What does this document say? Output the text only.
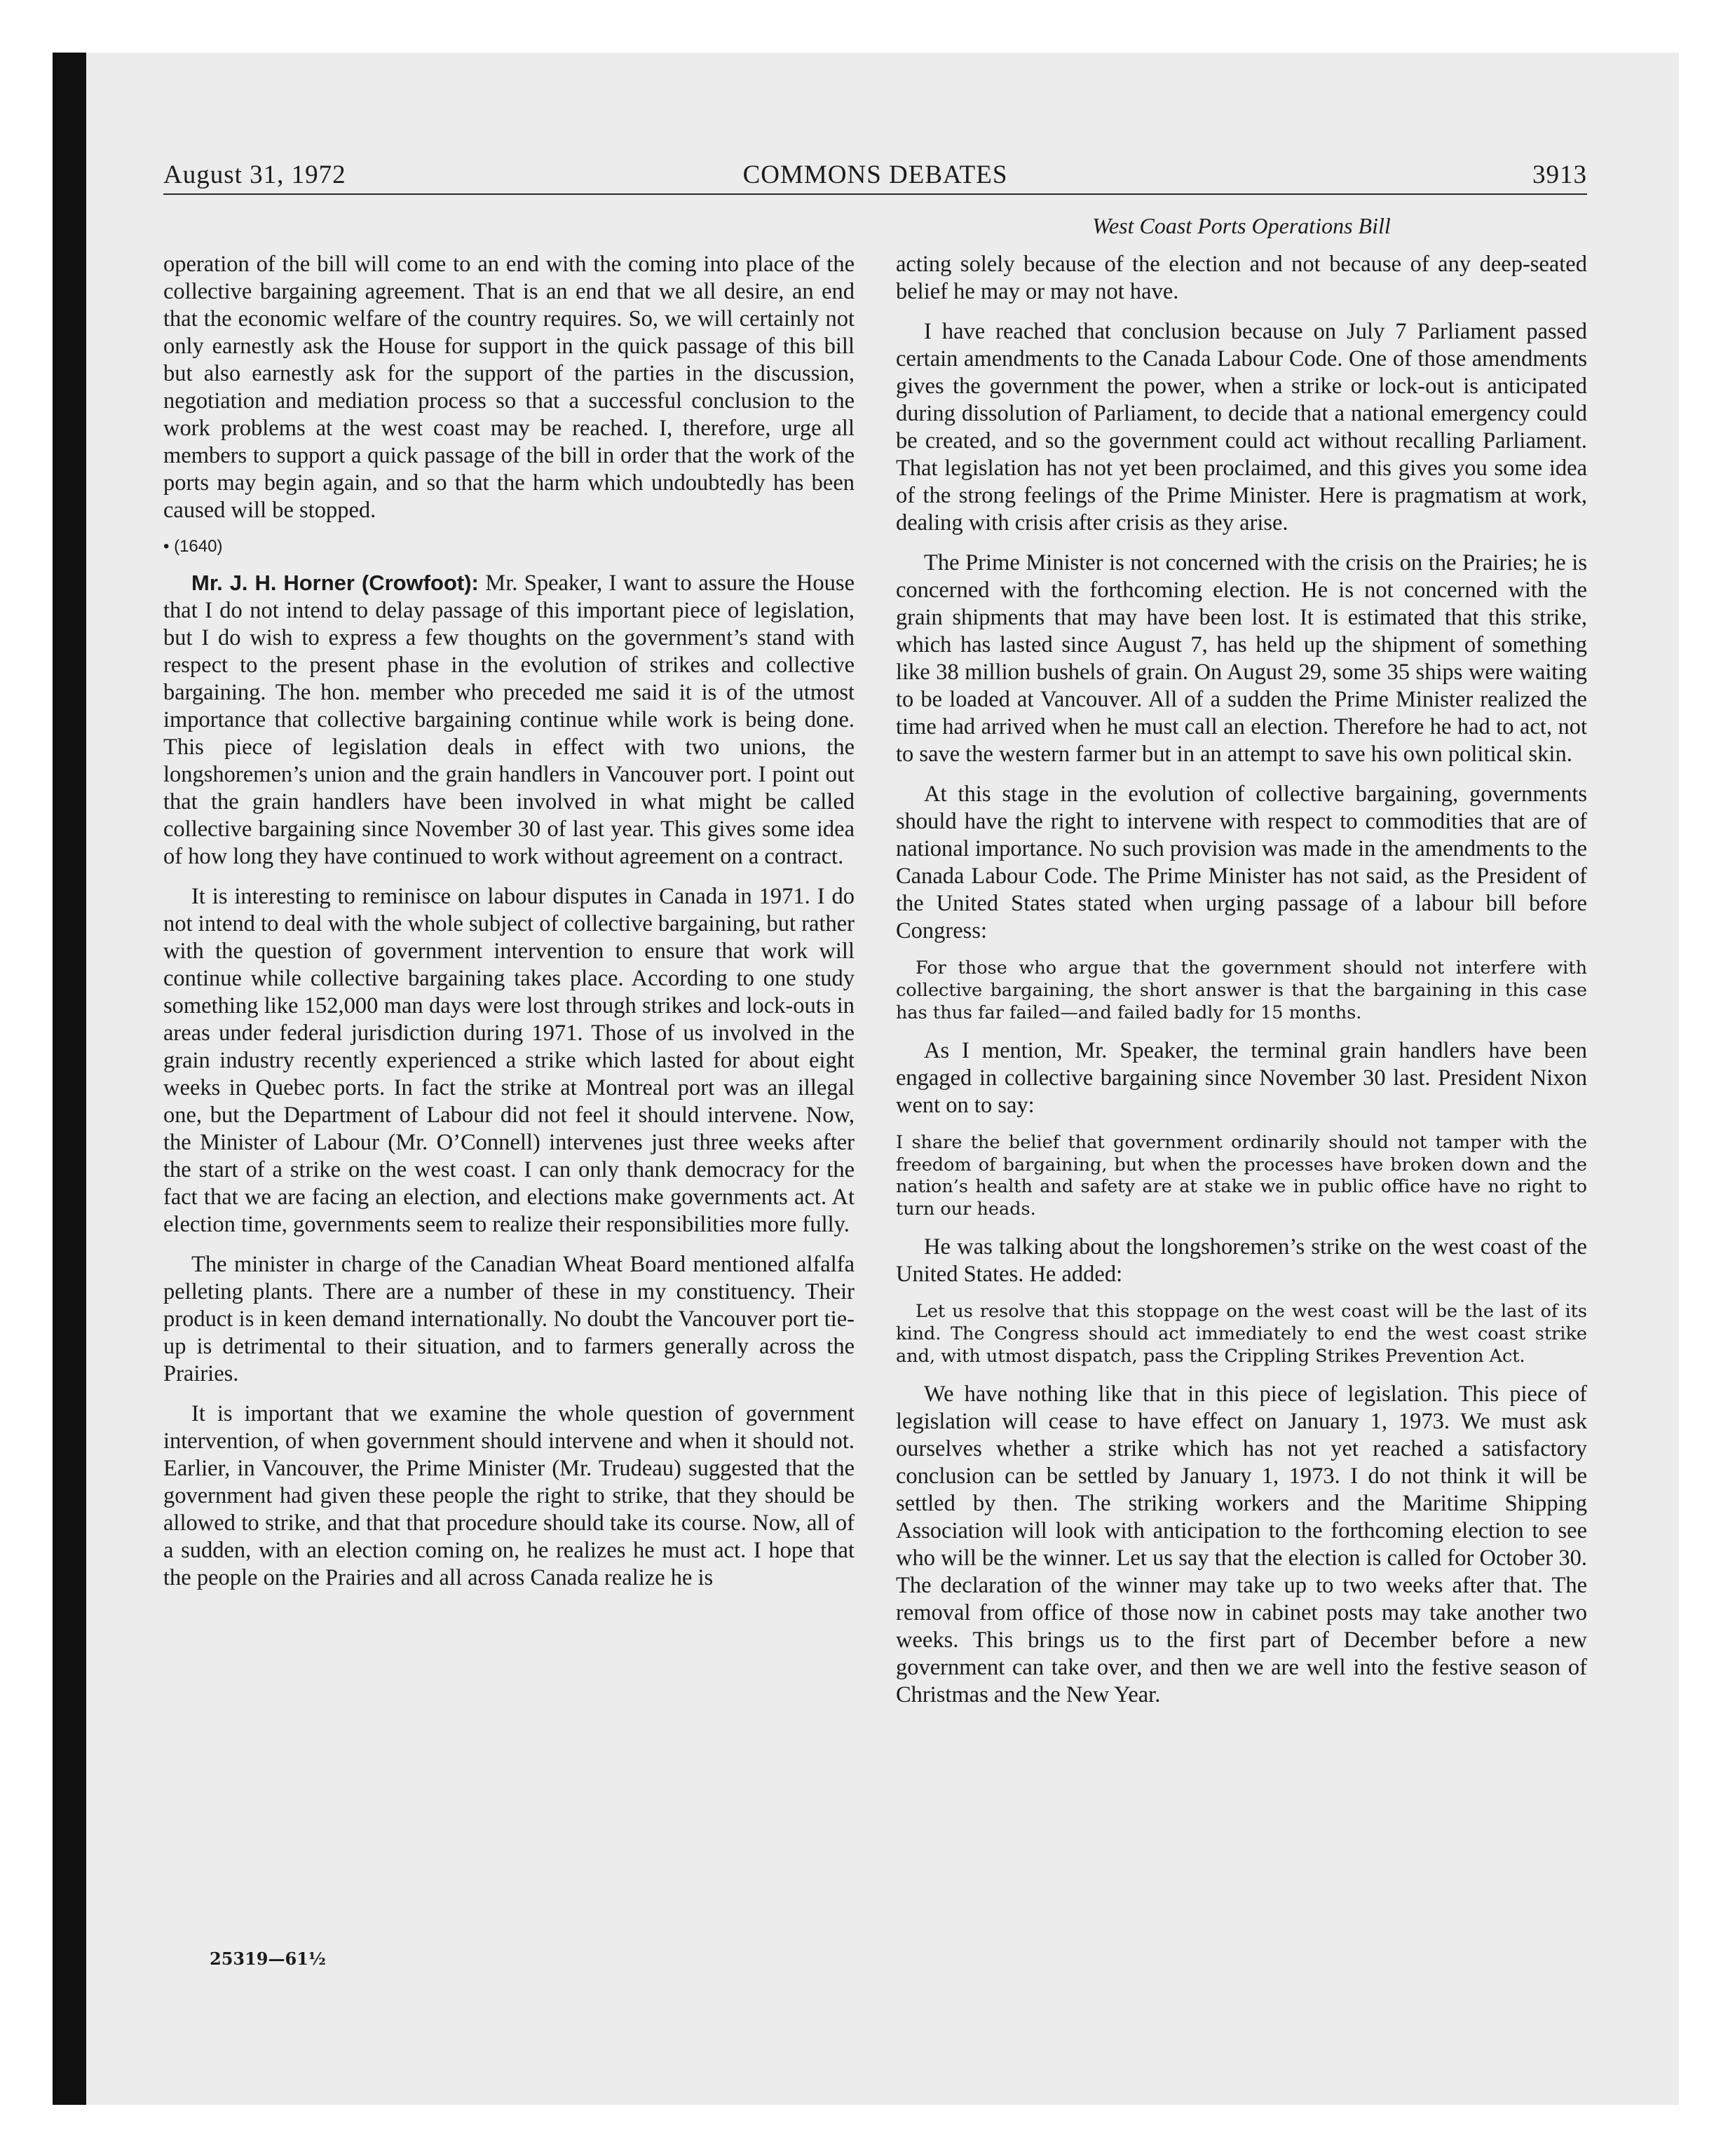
COMMONS DEBATES
August 31, 1972	3913
West Coast Ports Operations Bill

operation of the bill will come to an end with the coming into place of the collective bargaining agreement. That is an end that we all desire, an end that the economic welfare of the country requires. So, we will certainly not only earnestly ask the House for support in the quick passage of this bill but also earnestly ask for the support of the parties in the discussion, negotiation and mediation process so that a successful conclusion to the work problems at the west coast may be reached. I, therefore, urge all members to support a quick passage of the bill in order that the work of the ports may begin again, and so that the harm which undoubtedly has been caused will be stopped.

• (1640)

Mr. J. H. Horner (Crowfoot): Mr. Speaker, I want to assure the House that I do not intend to delay passage of this important piece of legislation, but I do wish to express a few thoughts on the government’s stand with respect to the present phase in the evolution of strikes and collective bargaining. The hon. member who preceded me said it is of the utmost importance that collective bargaining continue while work is being done. This piece of legislation deals in effect with two unions, the longshoremen’s union and the grain handlers in Vancouver port. I point out that the grain handlers have been involved in what might be called collective bargaining since November 30 of last year. This gives some idea of how long they have continued to work without agreement on a contract.

It is interesting to reminisce on labour disputes in Canada in 1971. I do not intend to deal with the whole subject of collective bargaining, but rather with the question of government intervention to ensure that work will continue while collective bargaining takes place. According to one study something like 152,000 man days were lost through strikes and lock-outs in areas under federal jurisdiction during 1971. Those of us involved in the grain industry recently experienced a strike which lasted for about eight weeks in Quebec ports. In fact the strike at Montreal port was an illegal one, but the Department of Labour did not feel it should intervene. Now, the Minister of Labour (Mr. O’Connell) intervenes just three weeks after the start of a strike on the west coast. I can only thank democracy for the fact that we are facing an election, and elections make governments act. At election time, governments seem to realize their responsibilities more fully.

The minister in charge of the Canadian Wheat Board mentioned alfalfa pelleting plants. There are a number of these in my constituency. Their product is in keen demand internationally. No doubt the Vancouver port tie-up is detrimental to their situation, and to farmers generally across the Prairies.

It is important that we examine the whole question of government intervention, of when government should intervene and when it should not. Earlier, in Vancouver, the Prime Minister (Mr. Trudeau) suggested that the government had given these people the right to strike, that they should be allowed to strike, and that that procedure should take its course. Now, all of a sudden, with an election coming on, he realizes he must act. I hope that the people on the Prairies and all across Canada realize he is

acting solely because of the election and not because of any deep-seated belief he may or may not have.

I have reached that conclusion because on July 7 Parliament passed certain amendments to the Canada Labour Code. One of those amendments gives the government the power, when a strike or lock-out is anticipated during dissolution of Parliament, to decide that a national emergency could be created, and so the government could act without recalling Parliament. That legislation has not yet been proclaimed, and this gives you some idea of the strong feelings of the Prime Minister. Here is pragmatism at work, dealing with crisis after crisis as they arise.

The Prime Minister is not concerned with the crisis on the Prairies; he is concerned with the forthcoming election. He is not concerned with the grain shipments that may have been lost. It is estimated that this strike, which has lasted since August 7, has held up the shipment of something like 38 million bushels of grain. On August 29, some 35 ships were waiting to be loaded at Vancouver. All of a sudden the Prime Minister realized the time had arrived when he must call an election. Therefore he had to act, not to save the western farmer but in an attempt to save his own political skin.

At this stage in the evolution of collective bargaining, governments should have the right to intervene with respect to commodities that are of national importance. No such provision was made in the amendments to the Canada Labour Code. The Prime Minister has not said, as the President of the United States stated when urging passage of a labour bill before Congress:

For those who argue that the government should not interfere with collective bargaining, the short answer is that the bargaining in this case has thus far failed—and failed badly for 15 months.

As I mention, Mr. Speaker, the terminal grain handlers have been engaged in collective bargaining since November 30 last. President Nixon went on to say:

I share the belief that government ordinarily should not tamper with the freedom of bargaining, but when the processes have broken down and the nation’s health and safety are at stake we in public office have no right to turn our heads.

He was talking about the longshoremen’s strike on the west coast of the United States. He added:

Let us resolve that this stoppage on the west coast will be the last of its kind. The Congress should act immediately to end the west coast strike and, with utmost dispatch, pass the Crippling Strikes Prevention Act.

We have nothing like that in this piece of legislation. This piece of legislation will cease to have effect on January 1, 1973. We must ask ourselves whether a strike which has not yet reached a satisfactory conclusion can be settled by January 1, 1973. I do not think it will be settled by then. The striking workers and the Maritime Shipping Association will look with anticipation to the forthcoming election to see who will be the winner. Let us say that the election is called for October 30. The declaration of the winner may take up to two weeks after that. The removal from office of those now in cabinet posts may take another two weeks. This brings us to the first part of December before a new government can take over, and then we are well into the festive season of Christmas and the New Year.

25319—61½
